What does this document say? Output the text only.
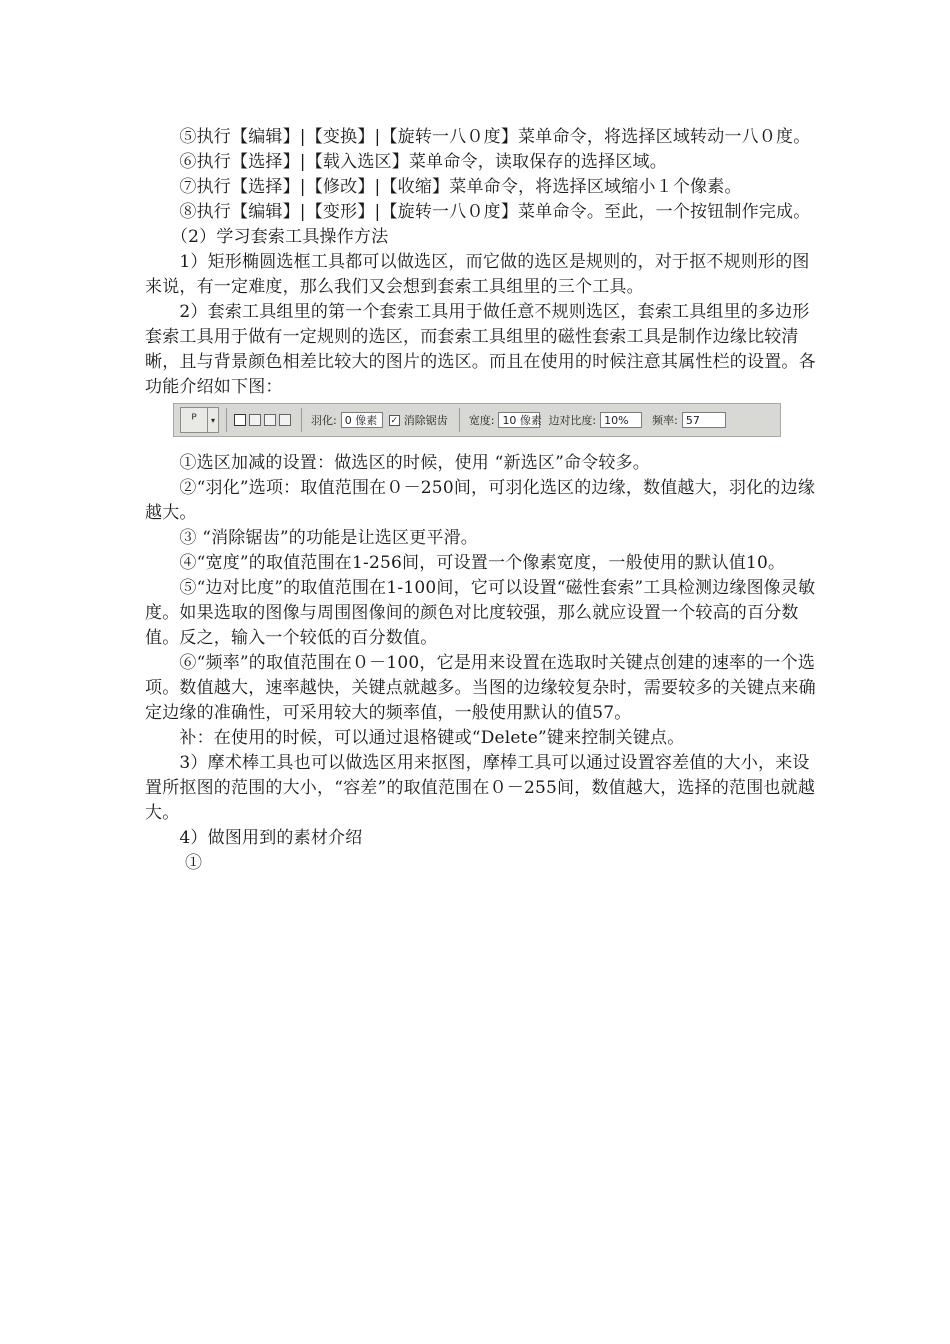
　　⑤执行【编辑】|【变换】|【旋转一八０度】菜单命令，将选择区域转动一八０度。

　　⑥执行【选择】|【载入选区】菜单命令，读取保存的选择区域。

　　⑦执行【选择】|【修改】|【收缩】菜单命令，将选择区域缩小１个像素。

　　⑧执行【编辑】|【变形】|【旋转一八０度】菜单命令。至此，一个按钮制作完成。

　　（2）学习套索工具操作方法

　　1）矩形椭圆选框工具都可以做选区，而它做的选区是规则的，对于抠不规则形的图来说，有一定难度，那么我们又会想到套索工具组里的三个工具。

　　2）套索工具组里的第一个套索工具用于做任意不规则选区，套索工具组里的多边形套索工具用于做有一定规则的选区，而套索工具组里的磁性套索工具是制作边缘比较清晰，且与背景颜色相差比较大的图片的选区。而且在使用的时候注意其属性栏的设置。各功能介绍如下图：

ᴾ	▾	羽化: 0 像素	✓ 消除锯齿 宽度: 10 像素 边对比度: 10%	频率: 57

　　①选区加减的设置：做选区的时候，使用 “新选区”命令较多。

　　②“羽化”选项：取值范围在０－250间，可羽化选区的边缘，数值越大，羽化的边缘越大。

　　③ “消除锯齿”的功能是让选区更平滑。

　　④“宽度”的取值范围在1-256间，可设置一个像素宽度，一般使用的默认值10。

　　⑤“边对比度”的取值范围在1-100间，它可以设置“磁性套索”工具检测边缘图像灵敏度。如果选取的图像与周围图像间的颜色对比度较强，那么就应设置一个较高的百分数值。反之，输入一个较低的百分数值。

　　⑥“频率”的取值范围在０－100，它是用来设置在选取时关键点创建的速率的一个选项。数值越大，速率越快，关键点就越多。当图的边缘较复杂时，需要较多的关键点来确定边缘的准确性，可采用较大的频率值，一般使用默认的值57。

　　补：在使用的时候，可以通过退格键或“Delete”键来控制关键点。

　　3）摩术棒工具也可以做选区用来抠图，摩棒工具可以通过设置容差值的大小，来设置所抠图的范围的大小，“容差”的取值范围在０－255间，数值越大，选择的范围也就越大。

　　4）做图用到的素材介绍

　　 ①
